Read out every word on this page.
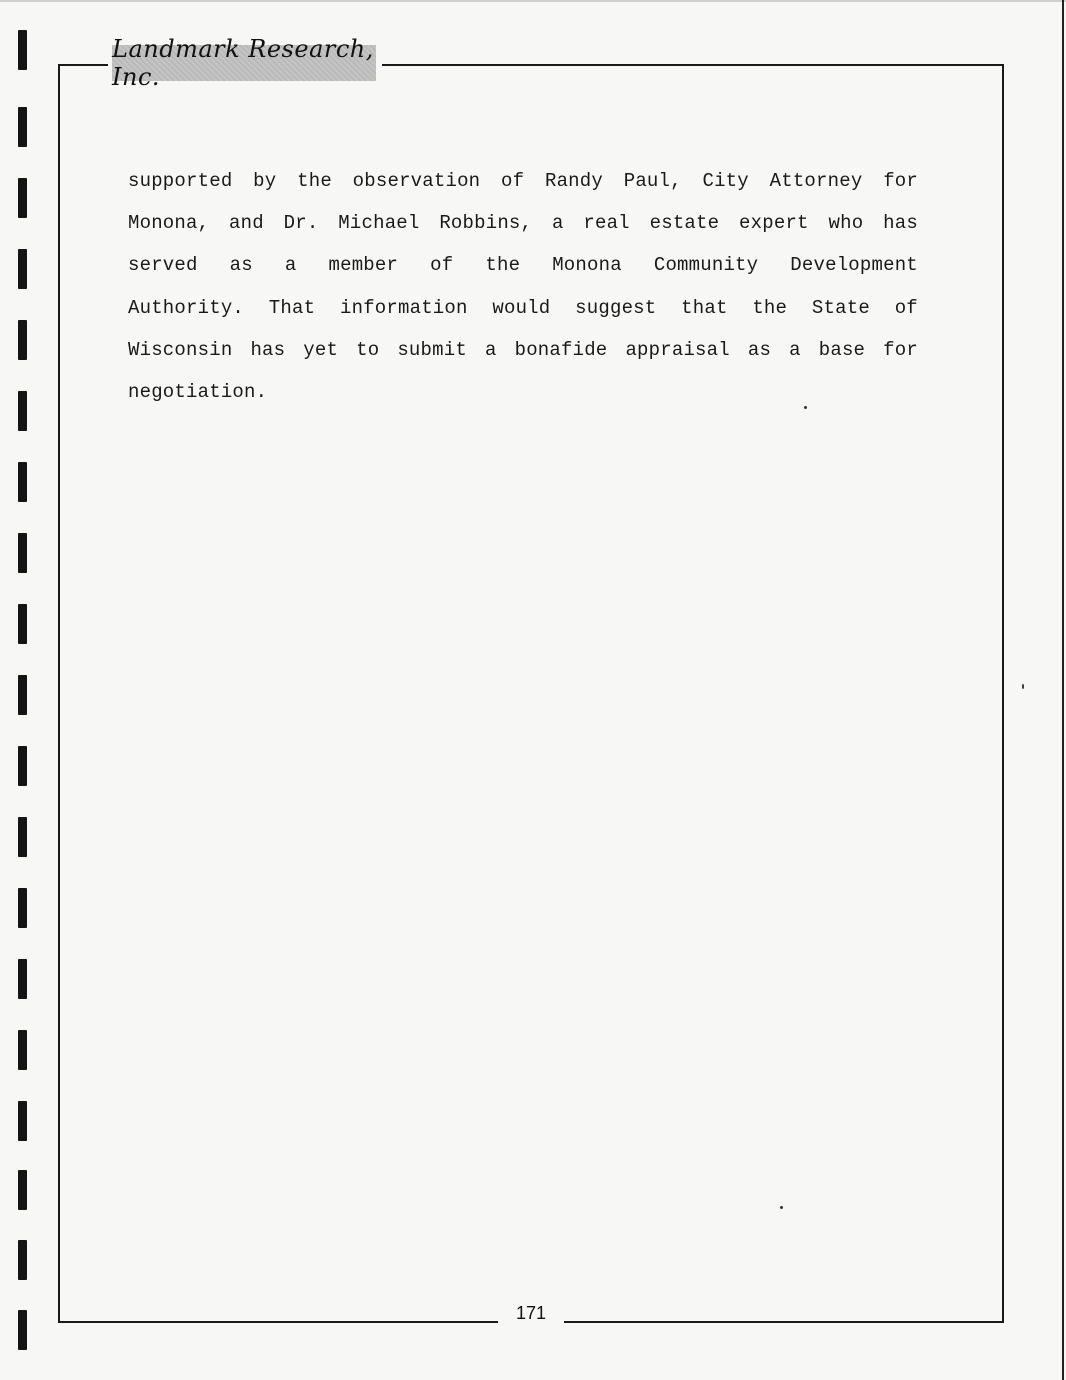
Landmark Research, Inc.
supported by the observation of Randy Paul, City Attorney for
Monona, and Dr. Michael Robbins, a real estate expert who has
served as a member of the Monona Community Development
Authority. That information would suggest that the State of
Wisconsin has yet to submit a bonafide appraisal as a base for
negotiation.
171
